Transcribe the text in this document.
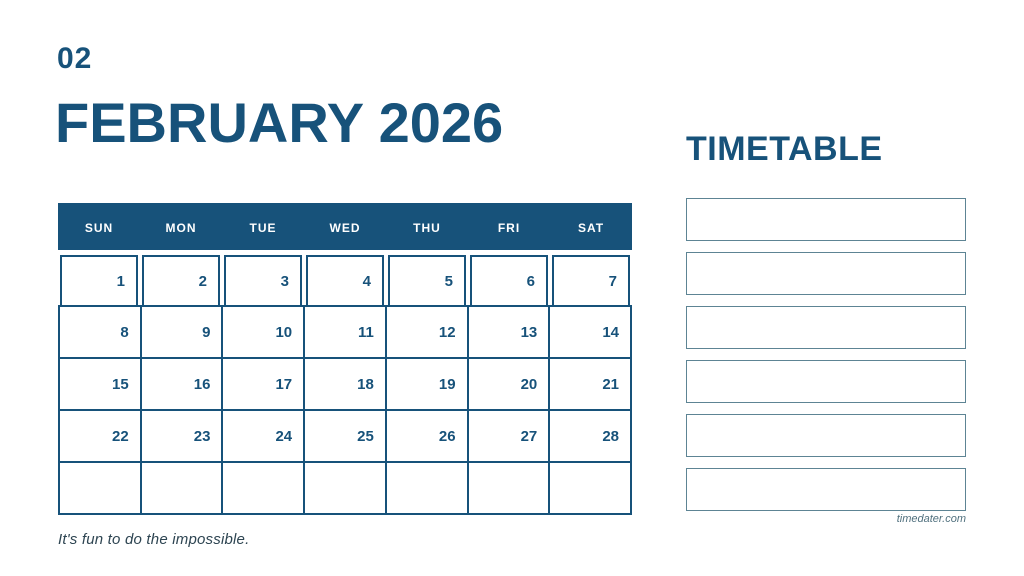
02
FEBRUARY 2026	TIMETABLE
SUN	MON	TUE	WED	THU	FRI	SAT
1	2	3	4	5	6	7
8	9	10	11	12	13	14
15	16	17	18	19	20	21
22	23	24	25	26	27	28
It's fun to do the impossible.
timedater.com
